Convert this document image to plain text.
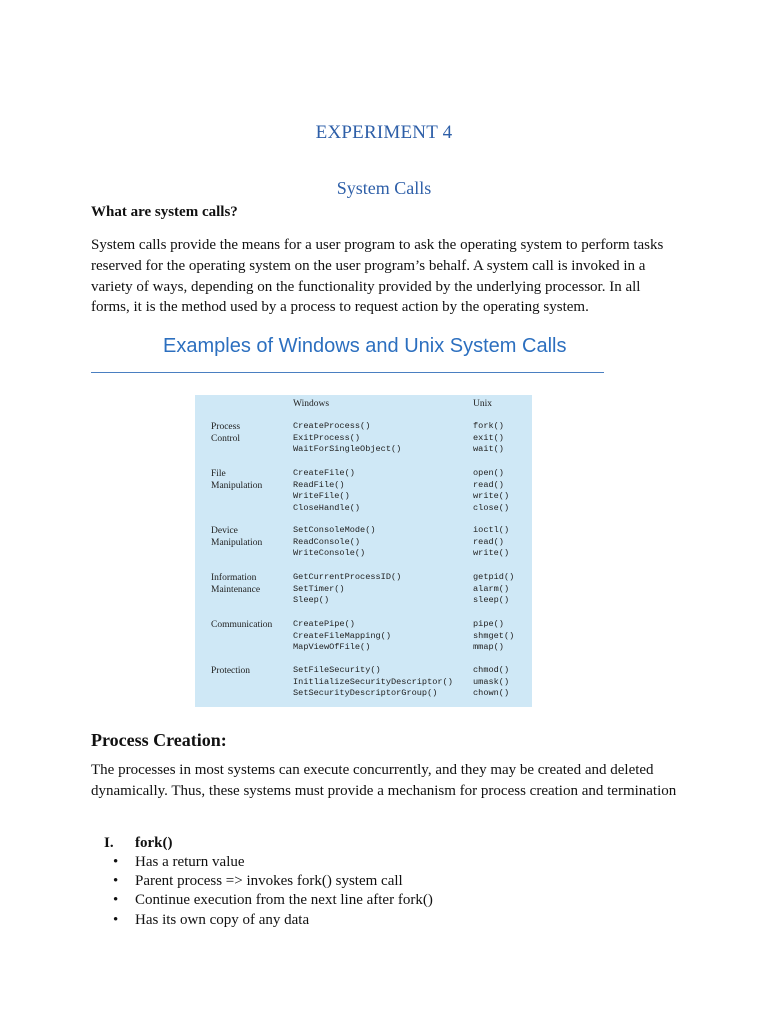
EXPERIMENT 4
System Calls
What are system calls?
System calls provide the means for a user program to ask the operating system to perform tasks reserved for the operating system on the user program’s behalf. A system call is invoked in a variety of ways, depending on the functionality provided by the underlying processor. In all forms, it is the method used by a process to request action by the operating system.
Examples of Windows and Unix System Calls
Windows	Unix
Process
Control
CreateProcess()
ExitProcess()
WaitForSingleObject()
fork()
exit()
wait()
File
Manipulation
CreateFile()
ReadFile()
WriteFile()
CloseHandle()
open()
read()
write()
close()
Device
Manipulation
SetConsoleMode()
ReadConsole()
WriteConsole()
ioctl()
read()
write()
Information
Maintenance
GetCurrentProcessID()
SetTimer()
Sleep()
getpid()
alarm()
sleep()
Communication CreatePipe()
CreateFileMapping()
MapViewOfFile()
pipe()
shmget()
mmap()
Protection	SetFileSecurity()
InitlializeSecurityDescriptor()
SetSecurityDescriptorGroup()
chmod()
umask()
chown()
Process Creation:
The processes in most systems can execute concurrently, and they may be created and deleted dynamically. Thus, these systems must provide a mechanism for process creation and termination
I. fork()
• Has a return value
• Parent process => invokes fork() system call
• Continue execution from the next line after fork()
• Has its own copy of any data
